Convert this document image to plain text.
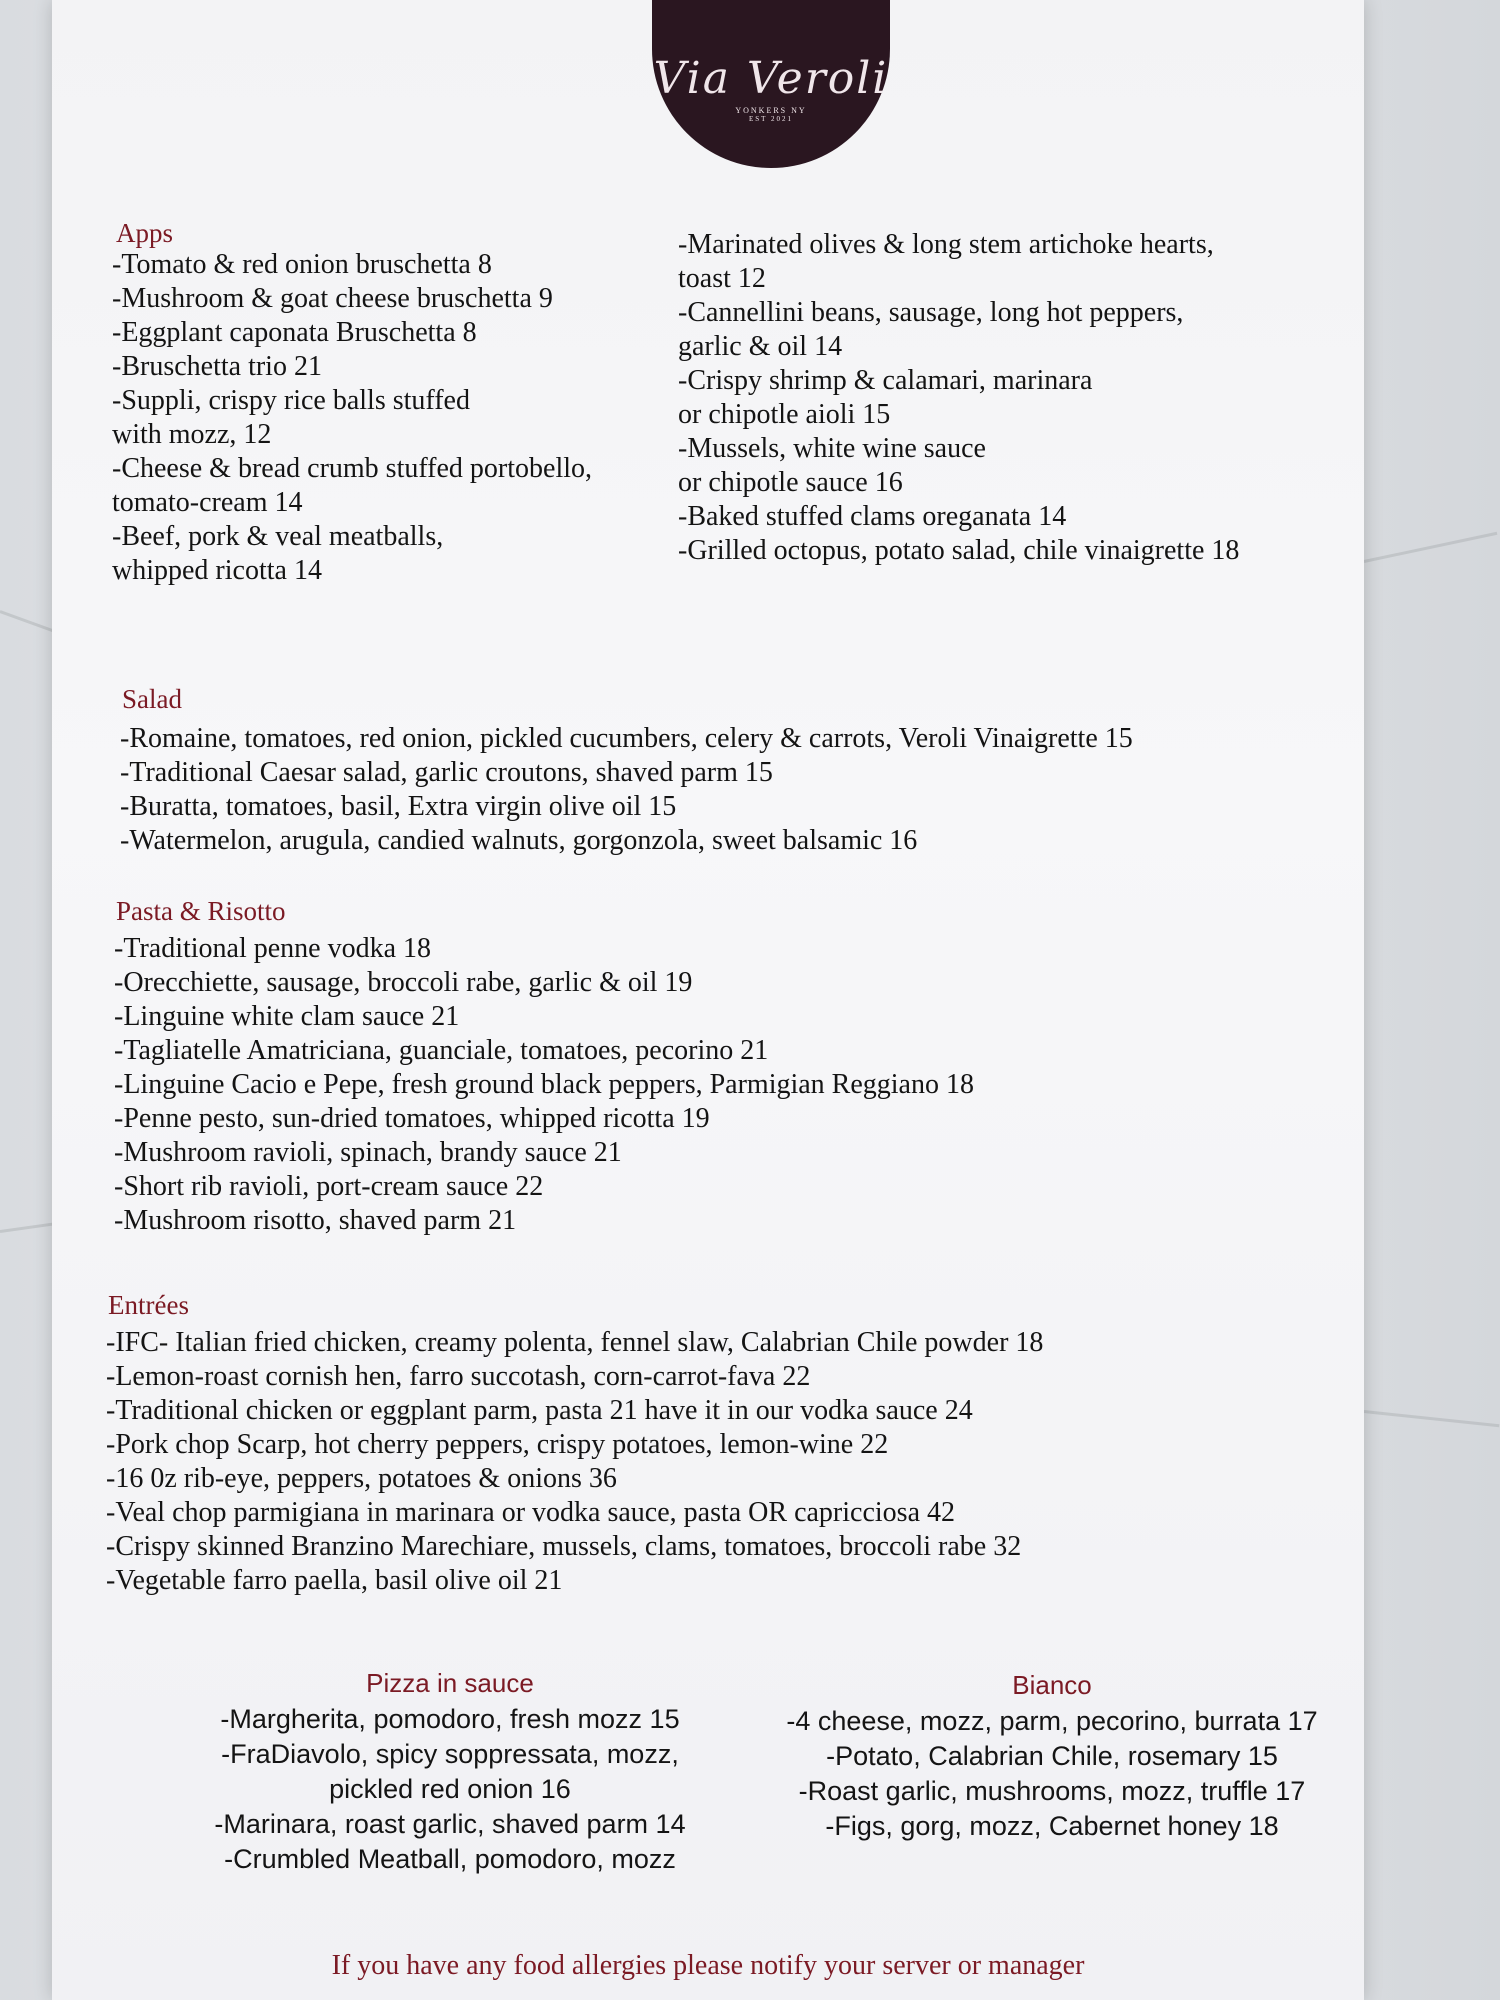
Via Veroli
YONKERS NY
EST 2021
Apps
-Tomato & red onion bruschetta 8
-Mushroom & goat cheese bruschetta 9
-Eggplant caponata Bruschetta 8
-Bruschetta trio 21
-Suppli, crispy rice balls stuffed
with mozz, 12
-Cheese & bread crumb stuffed portobello,
tomato-cream 14
-Beef, pork & veal meatballs,
whipped ricotta 14
-Marinated olives & long stem artichoke hearts,
toast 12
-Cannellini beans, sausage, long hot peppers,
garlic & oil 14
-Crispy shrimp & calamari, marinara
or chipotle aioli 15
-Mussels, white wine sauce
or chipotle sauce 16
-Baked stuffed clams oreganata 14
-Grilled octopus, potato salad, chile vinaigrette 18
Salad
-Romaine, tomatoes, red onion, pickled cucumbers, celery & carrots, Veroli Vinaigrette 15
-Traditional Caesar salad, garlic croutons, shaved parm 15
-Buratta, tomatoes, basil, Extra virgin olive oil 15
-Watermelon, arugula, candied walnuts, gorgonzola, sweet balsamic 16
Pasta & Risotto
-Traditional penne vodka 18
-Orecchiette, sausage, broccoli rabe, garlic & oil 19
-Linguine white clam sauce 21
-Tagliatelle Amatriciana, guanciale, tomatoes, pecorino 21
-Linguine Cacio e Pepe, fresh ground black peppers, Parmigian Reggiano 18
-Penne pesto, sun-dried tomatoes, whipped ricotta 19
-Mushroom ravioli, spinach, brandy sauce 21
-Short rib ravioli, port-cream sauce 22
-Mushroom risotto, shaved parm 21
Entrées
-IFC- Italian fried chicken, creamy polenta, fennel slaw, Calabrian Chile powder 18
-Lemon-roast cornish hen, farro succotash, corn-carrot-fava 22
-Traditional chicken or eggplant parm, pasta 21 have it in our vodka sauce 24
-Pork chop Scarp, hot cherry peppers, crispy potatoes, lemon-wine 22
-16 0z rib-eye, peppers, potatoes & onions 36
-Veal chop parmigiana in marinara or vodka sauce, pasta OR capricciosa 42
-Crispy skinned Branzino Marechiare, mussels, clams, tomatoes, broccoli rabe 32
-Vegetable farro paella, basil olive oil 21
Pizza in sauce
-Margherita, pomodoro, fresh mozz 15
-FraDiavolo, spicy soppressata, mozz,
pickled red onion 16
-Marinara, roast garlic, shaved parm 14
-Crumbled Meatball, pomodoro, mozz
Bianco
-4 cheese, mozz, parm, pecorino, burrata 17
-Potato, Calabrian Chile, rosemary 15
-Roast garlic, mushrooms, mozz, truffle 17
-Figs, gorg, mozz, Cabernet honey 18
If you have any food allergies please notify your server or manager
